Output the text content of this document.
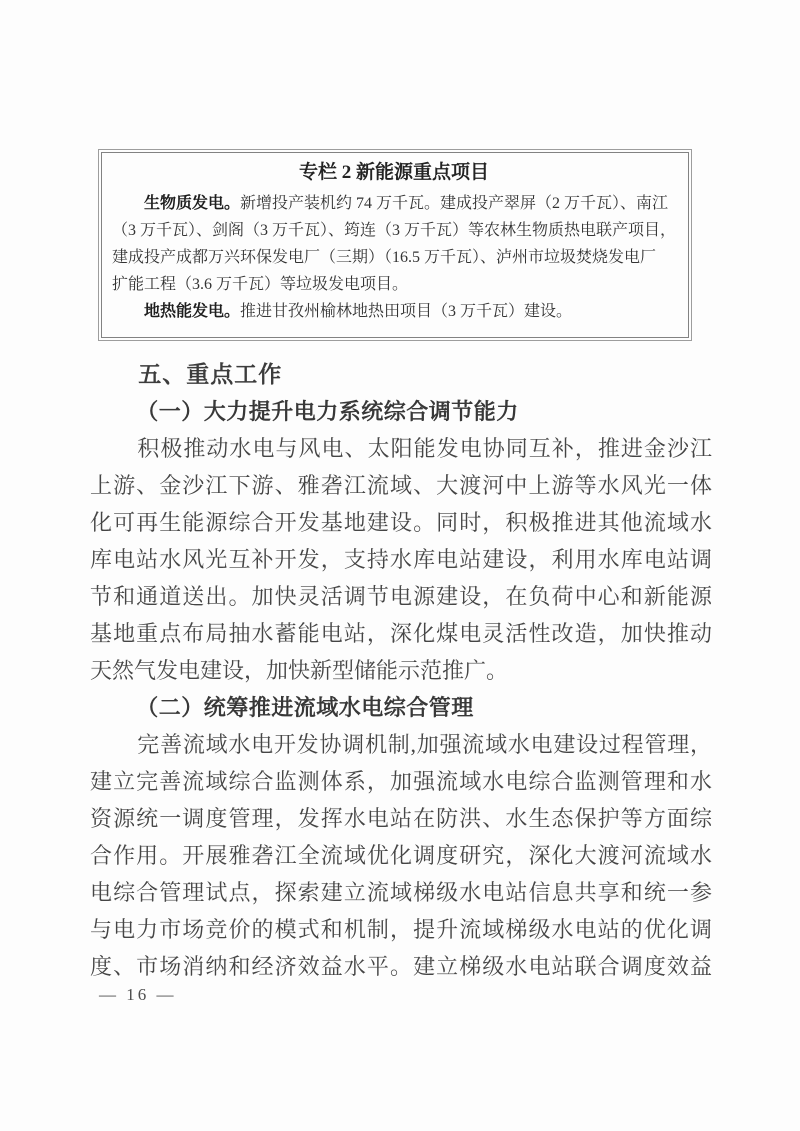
专栏 2 新能源重点项目
生物质发电。新增投产装机约 74 万千瓦。建成投产翠屏（2 万千瓦）、南江
（3 万千瓦）、剑阁（3 万千瓦）、筠连（3 万千瓦）等农林生物质热电联产项目，
建成投产成都万兴环保发电厂（三期）（16.5 万千瓦）、泸州市垃圾焚烧发电厂
扩能工程（3.6 万千瓦）等垃圾发电项目。
地热能发电。推进甘孜州榆林地热田项目（3 万千瓦）建设。
五、重点工作
（一）大力提升电力系统综合调节能力
积极推动水电与风电、太阳能发电协同互补，推进金沙江
上游、金沙江下游、雅砻江流域、大渡河中上游等水风光一体
化可再生能源综合开发基地建设。同时，积极推进其他流域水
库电站水风光互补开发，支持水库电站建设，利用水库电站调
节和通道送出。加快灵活调节电源建设，在负荷中心和新能源
基地重点布局抽水蓄能电站，深化煤电灵活性改造，加快推动
天然气发电建设，加快新型储能示范推广。
（二）统筹推进流域水电综合管理
完善流域水电开发协调机制,加强流域水电建设过程管理，
建立完善流域综合监测体系，加强流域水电综合监测管理和水
资源统一调度管理，发挥水电站在防洪、水生态保护等方面综
合作用。开展雅砻江全流域优化调度研究，深化大渡河流域水
电综合管理试点，探索建立流域梯级水电站信息共享和统一参
与电力市场竞价的模式和机制，提升流域梯级水电站的优化调
度、市场消纳和经济效益水平。建立梯级水电站联合调度效益
— 16 —
